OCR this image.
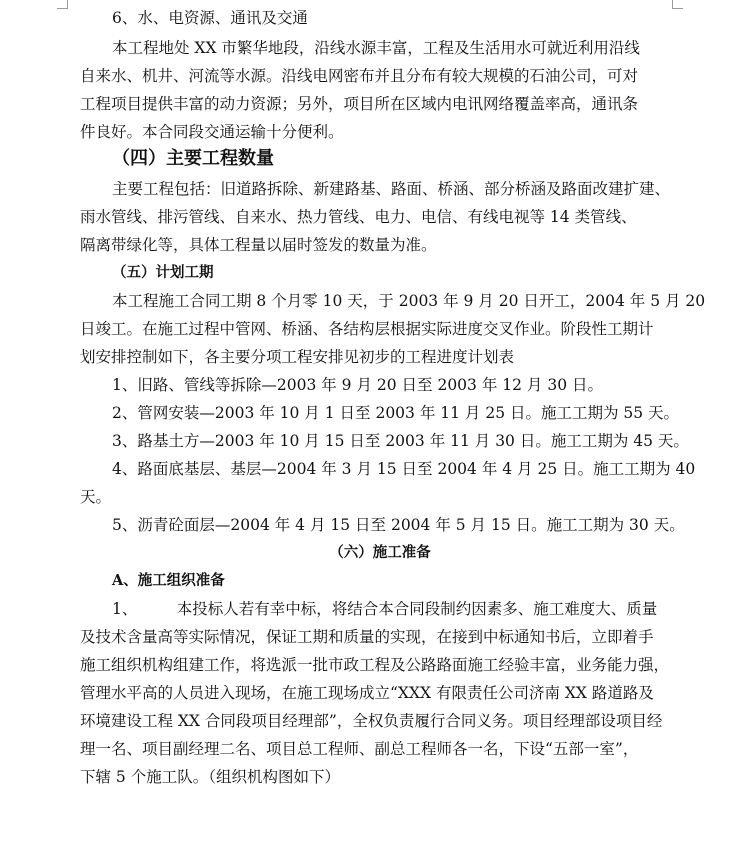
6、水、电资源、通讯及交通
本工程地处 XX 市繁华地段，沿线水源丰富，工程及生活用水可就近利用沿线
自来水、机井、河流等水源。沿线电网密布并且分布有较大规模的石油公司，可对
工程项目提供丰富的动力资源；另外，项目所在区域内电讯网络覆盖率高，通讯条
件良好。本合同段交通运输十分便利。
（四）主要工程数量
主要工程包括：旧道路拆除、新建路基、路面、桥涵、部分桥涵及路面改建扩建、
雨水管线、排污管线、自来水、热力管线、电力、电信、有线电视等 14 类管线、
隔离带绿化等，具体工程量以届时签发的数量为准。
（五）计划工期
本工程施工合同工期 8 个月零 10 天，于 2003 年 9 月 20 日开工，2004 年 5 月 20
日竣工。在施工过程中管网、桥涵、各结构层根据实际进度交叉作业。阶段性工期计
划安排控制如下，各主要分项工程安排见初步的工程进度计划表
1、旧路、管线等拆除—2003 年 9 月 20 日至 2003 年 12 月 30 日。
2、管网安装—2003 年 10 月 1 日至 2003 年 11 月 25 日。施工工期为 55 天。
3、路基土方—2003 年 10 月 15 日至 2003 年 11 月 30 日。施工工期为 45 天。
4、路面底基层、基层—2004 年 3 月 15 日至 2004 年 4 月 25 日。施工工期为 40
天。
5、沥青砼面层—2004 年 4 月 15 日至 2004 年 5 月 15 日。施工工期为 30 天。
（六）施工准备
A、施工组织准备
1、        本投标人若有幸中标，将结合本合同段制约因素多、施工难度大、质量
及技术含量高等实际情况，保证工期和质量的实现，在接到中标通知书后，立即着手
施工组织机构组建工作，将选派一批市政工程及公路路面施工经验丰富，业务能力强，
管理水平高的人员进入现场，在施工现场成立“XXX 有限责任公司济南 XX 路道路及
环境建设工程 XX 合同段项目经理部”，全权负责履行合同义务。项目经理部设项目经
理一名、项目副经理二名、项目总工程师、副总工程师各一名，下设“五部一室”，
下辖 5 个施工队。（组织机构图如下）
